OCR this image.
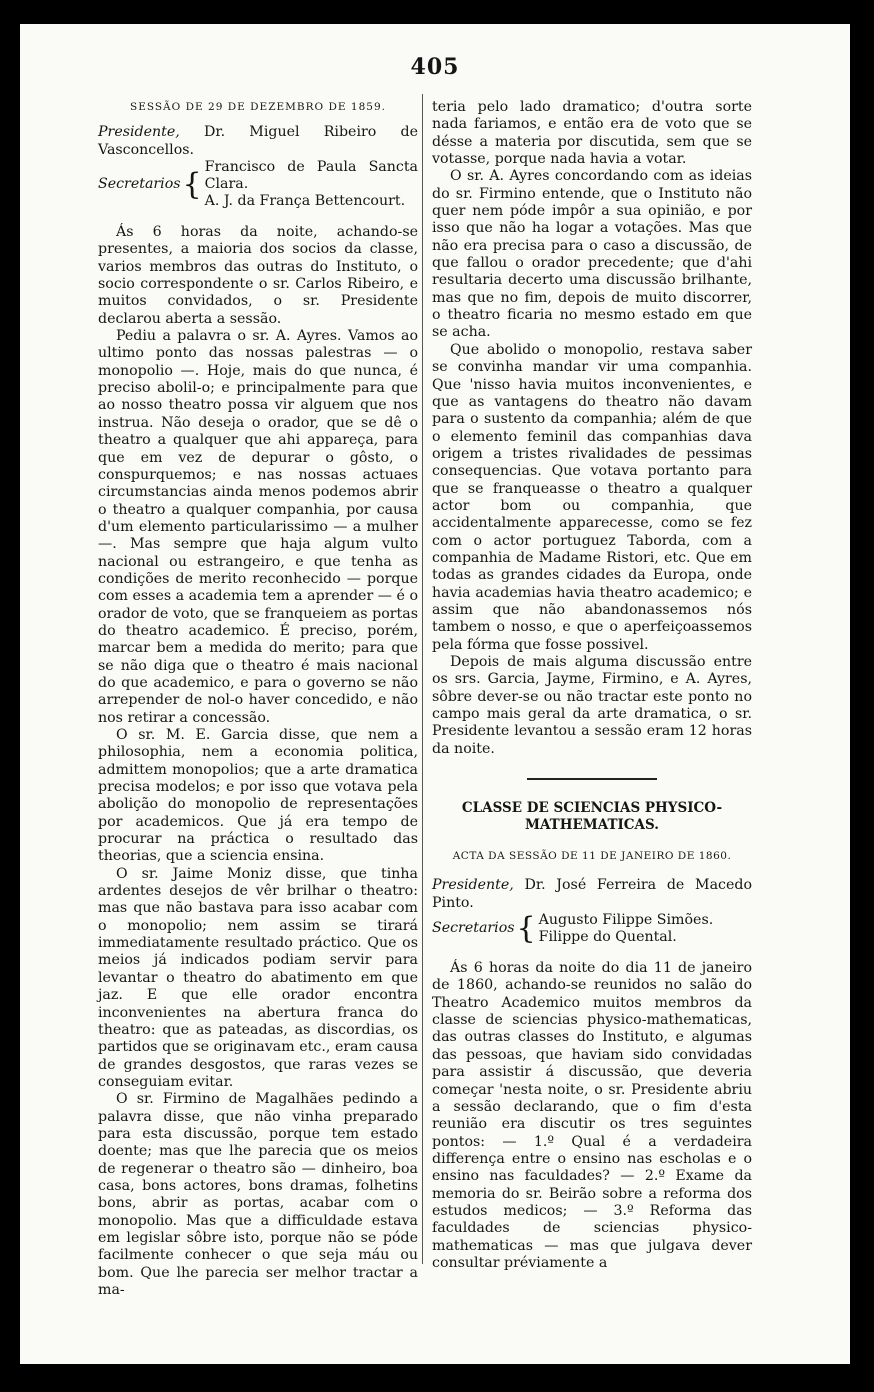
405
SESSÃO DE 29 DE DEZEMBRO DE 1859.
Presidente, Dr. Miguel Ribeiro de Vasconcellos.
Secretarios { Francisco de Paula Sancta Clara.
A. J. da França Bettencourt.

Ás 6 horas da noite, achando-se presentes, a maioria dos socios da classe, varios membros das outras do Instituto, o socio correspondente o sr. Carlos Ribeiro, e muitos convidados, o sr. Presidente declarou aberta a sessão.

Pediu a palavra o sr. A. Ayres. Vamos ao ultimo ponto das nossas palestras — o monopolio —. Hoje, mais do que nunca, é preciso abolil-o; e principalmente para que ao nosso theatro possa vir alguem que nos instrua. Não deseja o orador, que se dê o theatro a qualquer que ahi appareça, para que em vez de depurar o gôsto, o conspurquemos; e nas nossas actuaes circumstancias ainda menos podemos abrir o theatro a qualquer companhia, por causa d'um elemento particularissimo — a mulher —. Mas sempre que haja algum vulto nacional ou estrangeiro, e que tenha as condições de merito reconhecido — porque com esses a academia tem a aprender — é o orador de voto, que se franqueiem as portas do theatro academico. É preciso, porém, marcar bem a medida do merito; para que se não diga que o theatro é mais nacional do que academico, e para o governo se não arrepender de nol-o haver concedido, e não nos retirar a concessão.

O sr. M. E. Garcia disse, que nem a philosophia, nem a economia politica, admittem monopolios; que a arte dramatica precisa modelos; e por isso que votava pela abolição do monopolio de representações por academicos. Que já era tempo de procurar na práctica o resultado das theorias, que a sciencia ensina.

O sr. Jaime Moniz disse, que tinha ardentes desejos de vêr brilhar o theatro: mas que não bastava para isso acabar com o monopolio; nem assim se tirará immediatamente resultado práctico. Que os meios já indicados podiam servir para levantar o theatro do abatimento em que jaz. E que elle orador encontra inconvenientes na abertura franca do theatro: que as pateadas, as discordias, os partidos que se originavam etc., eram causa de grandes desgostos, que raras vezes se conseguiam evitar.

O sr. Firmino de Magalhães pedindo a palavra disse, que não vinha preparado para esta discussão, porque tem estado doente; mas que lhe parecia que os meios de regenerar o theatro são — dinheiro, boa casa, bons actores, bons dramas, folhetins bons, abrir as portas, acabar com o monopolio. Mas que a difficuldade estava em legislar sôbre isto, porque não se póde facilmente conhecer o que seja máu ou bom. Que lhe parecia ser melhor tractar a ma-

teria pelo lado dramatico; d'outra sorte nada fariamos, e então era de voto que se désse a materia por discutida, sem que se votasse, porque nada havia a votar.

O sr. A. Ayres concordando com as ideias do sr. Firmino entende, que o Instituto não quer nem póde impôr a sua opinião, e por isso que não ha logar a votações. Mas que não era precisa para o caso a discussão, de que fallou o orador precedente; que d'ahi resultaria decerto uma discussão brilhante, mas que no fim, depois de muito discorrer, o theatro ficaria no mesmo estado em que se acha.

Que abolido o monopolio, restava saber se convinha mandar vir uma companhia. Que 'nisso havia muitos inconvenientes, e que as vantagens do theatro não davam para o sustento da companhia; além de que o elemento feminil das companhias dava origem a tristes rivalidades de pessimas consequencias. Que votava portanto para que se franqueasse o theatro a qualquer actor bom ou companhia, que accidentalmente apparecesse, como se fez com o actor portuguez Taborda, com a companhia de Madame Ristori, etc. Que em todas as grandes cidades da Europa, onde havia academias havia theatro academico; e assim que não abandonassemos nós tambem o nosso, e que o aperfeiçoassemos pela fórma que fosse possivel.

Depois de mais alguma discussão entre os srs. Garcia, Jayme, Firmino, e A. Ayres, sôbre dever-se ou não tractar este ponto no campo mais geral da arte dramatica, o sr. Presidente levantou a sessão eram 12 horas da noite.

CLASSE DE SCIENCIAS PHYSICO-
MATHEMATICAS.
ACTA DA SESSÃO DE 11 DE JANEIRO DE 1860.
Presidente, Dr. José Ferreira de Macedo Pinto.
Secretarios { Augusto Filippe Simões.
Filippe do Quental.

Ás 6 horas da noite do dia 11 de janeiro de 1860, achando-se reunidos no salão do Theatro Academico muitos membros da classe de sciencias physico-mathematicas, das outras classes do Instituto, e algumas das pessoas, que haviam sido convidadas para assistir á discussão, que deveria começar 'nesta noite, o sr. Presidente abriu a sessão declarando, que o fim d'esta reunião era discutir os tres seguintes pontos: — 1.º Qual é a verdadeira differença entre o ensino nas escholas e o ensino nas faculdades? — 2.º Exame da memoria do sr. Beirão sobre a reforma dos estudos medicos; — 3.º Reforma das faculdades de sciencias physico-mathematicas — mas que julgava dever consultar préviamente a
